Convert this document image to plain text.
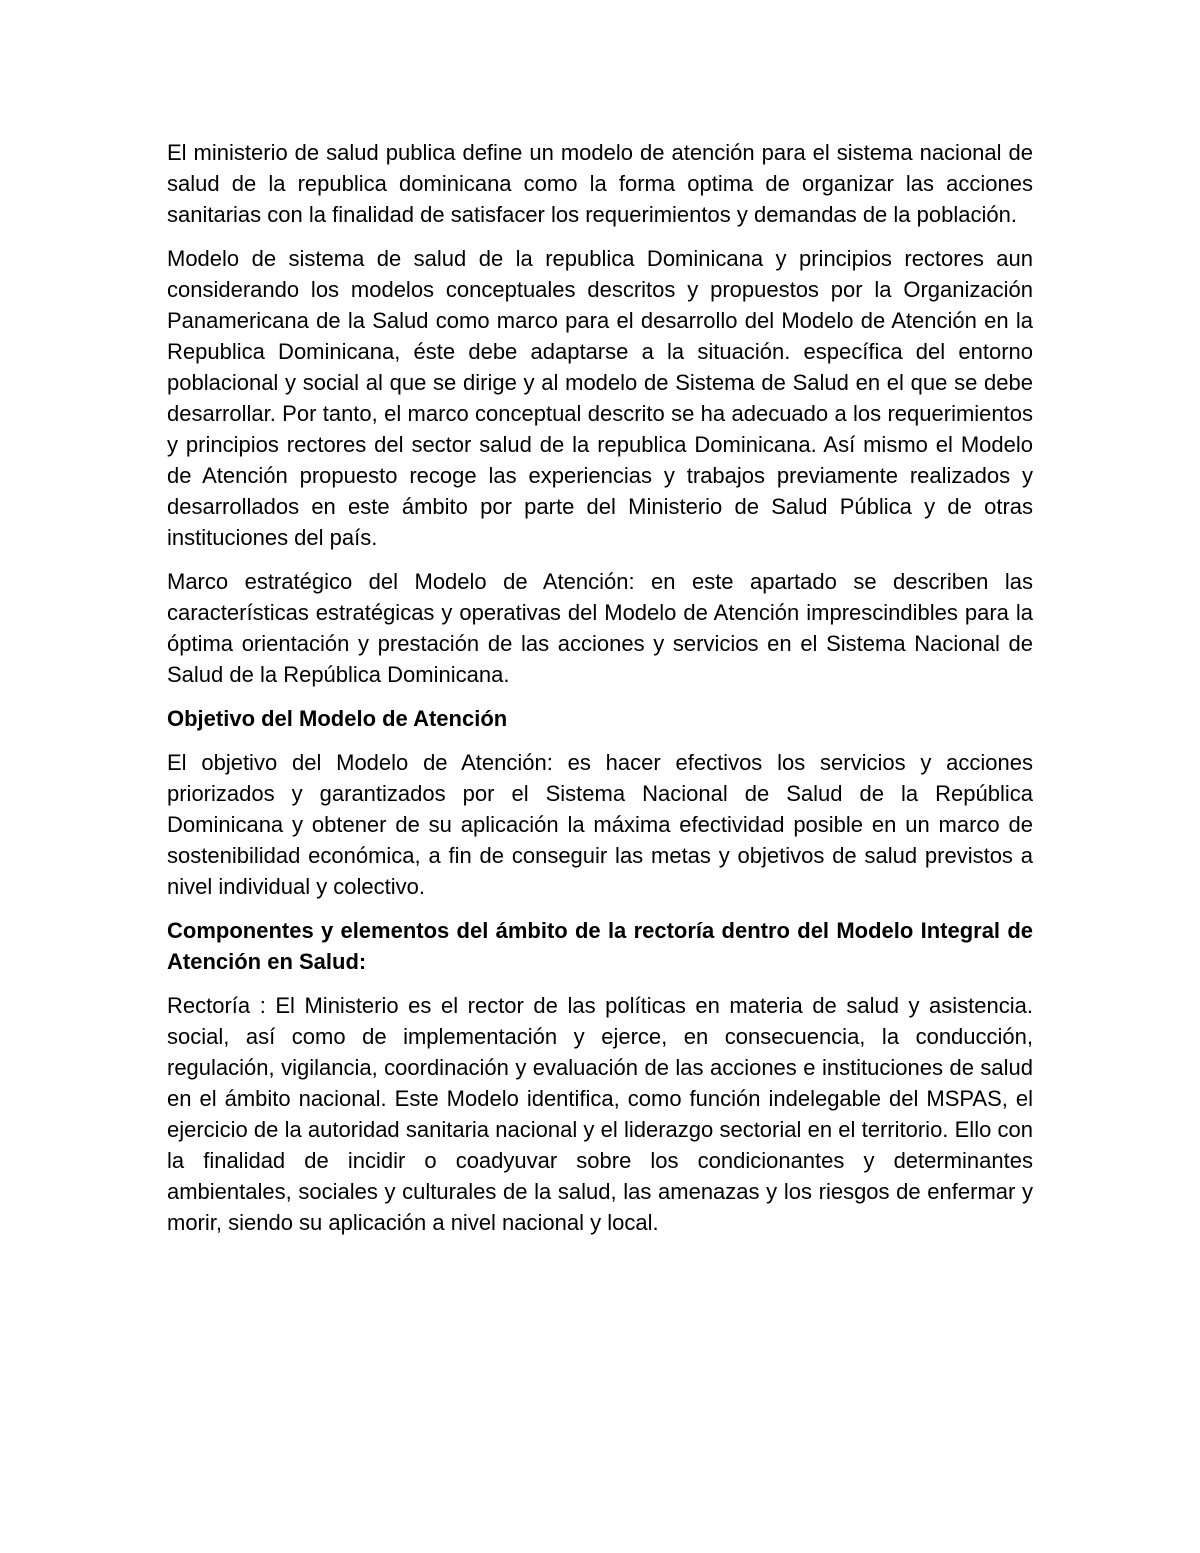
El ministerio de salud publica define un modelo de atención para el sistema nacional de salud de la republica dominicana como la forma optima de organizar las acciones sanitarias con la finalidad de satisfacer los requerimientos y demandas de la población.

Modelo de sistema de salud de la republica Dominicana y principios rectores aun considerando los modelos conceptuales descritos y propuestos por la Organización Panamericana de la Salud como marco para el desarrollo del Modelo de Atención en la Republica Dominicana, éste debe adaptarse a la situación. específica del entorno poblacional y social al que se dirige y al modelo de Sistema de Salud en el que se debe desarrollar. Por tanto, el marco conceptual descrito se ha adecuado a los requerimientos y principios rectores del sector salud de la republica Dominicana. Así mismo el Modelo de Atención propuesto recoge las experiencias y trabajos previamente realizados y desarrollados en este ámbito por parte del Ministerio de Salud Pública y de otras instituciones del país.

Marco estratégico del Modelo de Atención: en este apartado se describen las características estratégicas y operativas del Modelo de Atención imprescindibles para la óptima orientación y prestación de las acciones y servicios en el Sistema Nacional de Salud de la República Dominicana.

Objetivo del Modelo de Atención

El objetivo del Modelo de Atención: es hacer efectivos los servicios y acciones priorizados y garantizados por el Sistema Nacional de Salud de la República Dominicana y obtener de su aplicación la máxima efectividad posible en un marco de sostenibilidad económica, a fin de conseguir las metas y objetivos de salud previstos a nivel individual y colectivo.

Componentes y elementos del ámbito de la rectoría dentro del Modelo Integral de Atención en Salud:

Rectoría : El Ministerio es el rector de las políticas en materia de salud y asistencia. social, así como de implementación y ejerce, en consecuencia, la conducción, regulación, vigilancia, coordinación y evaluación de las acciones e instituciones de salud en el ámbito nacional. Este Modelo identifica, como función indelegable del MSPAS, el ejercicio de la autoridad sanitaria nacional y el liderazgo sectorial en el territorio. Ello con la finalidad de incidir o coadyuvar sobre los condicionantes y determinantes ambientales, sociales y culturales de la salud, las amenazas y los riesgos de enfermar y morir, siendo su aplicación a nivel nacional y local.
